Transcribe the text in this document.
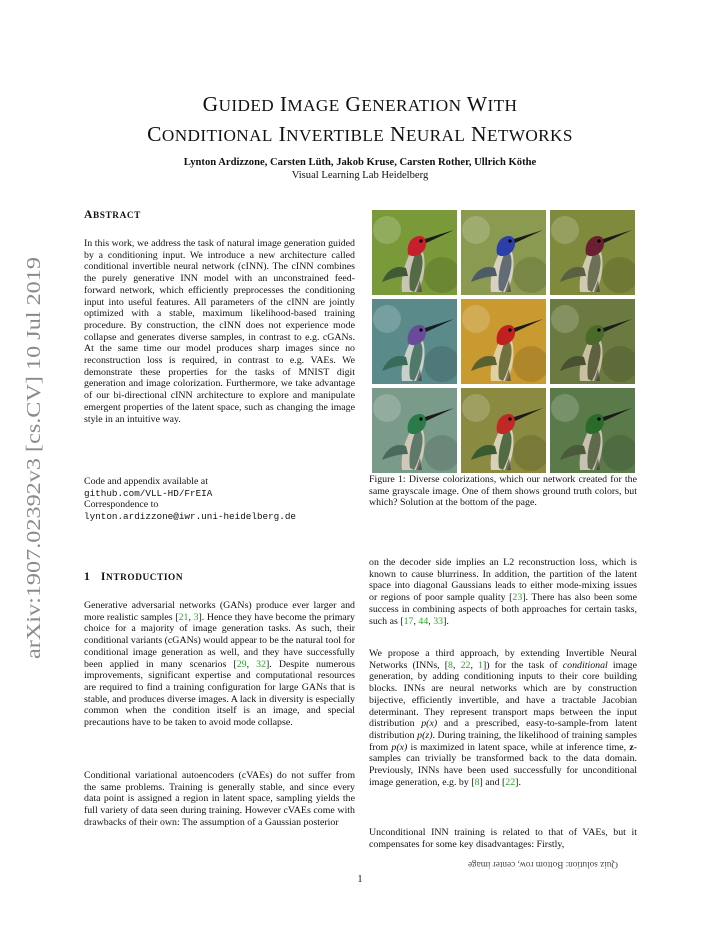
arXiv:1907.02392v3 [cs.CV] 10 Jul 2019
GUIDED IMAGE GENERATION WITH
CONDITIONAL INVERTIBLE NEURAL NETWORKS
Lynton Ardizzone, Carsten Lüth, Jakob Kruse, Carsten Rother, Ullrich Köthe
Visual Learning Lab Heidelberg
ABSTRACT

In this work, we address the task of natural image generation guided by a conditioning input. We introduce a new architecture called conditional invertible neural network (cINN). The cINN combines the purely generative INN model with an unconstrained feed-forward network, which efficiently preprocesses the conditioning input into useful features. All parameters of the cINN are jointly optimized with a stable, maximum likelihood-based training procedure. By construction, the cINN does not experience mode collapse and generates diverse samples, in contrast to e.g. cGANs. At the same time our model produces sharp images since no reconstruction loss is required, in contrast to e.g. VAEs. We demonstrate these properties for the tasks of MNIST digit generation and image colorization. Furthermore, we take advantage of our bi-directional cINN architecture to explore and manipulate emergent properties of the latent space, such as changing the image style in an intuitive way.

Code and appendix available at
github.com/VLL-HD/FrEIA
Correspondence to
lynton.ardizzone@iwr.uni-heidelberg.de
1 INTRODUCTION

Generative adversarial networks (GANs) produce ever larger and more realistic samples [21, 3]. Hence they have become the primary choice for a majority of image generation tasks. As such, their conditional variants (cGANs) would appear to be the natural tool for conditional image generation as well, and they have successfully been applied in many scenarios [29, 32]. Despite numerous improvements, significant expertise and computational resources are required to find a training configuration for large GANs that is stable, and produces diverse images. A lack in diversity is especially common when the condition itself is an image, and special precautions have to be taken to avoid mode collapse.

Conditional variational autoencoders (cVAEs) do not suffer from the same problems. Training is generally stable, and since every data point is assigned a region in latent space, sampling yields the full variety of data seen during training. However cVAEs come with drawbacks of their own: The assumption of a Gaussian posterior

Figure 1: Diverse colorizations, which our network created for the same grayscale image. One of them shows ground truth colors, but which? Solution at the bottom of the page.

on the decoder side implies an L2 reconstruction loss, which is known to cause blurriness. In addition, the partition of the latent space into diagonal Gaussians leads to either mode-mixing issues or regions of poor sample quality [23]. There has also been some success in combining aspects of both approaches for certain tasks, such as [17, 44, 33].

We propose a third approach, by extending Invertible Neural Networks (INNs, [8, 22, 1]) for the task of conditional image generation, by adding conditioning inputs to their core building blocks. INNs are neural networks which are by construction bijective, efficiently invertible, and have a tractable Jacobian determinant. They represent transport maps between the input distribution p(x) and a prescribed, easy-to-sample-from latent distribution p(z). During training, the likelihood of training samples from p(x) is maximized in latent space, while at inference time, z-samples can trivially be transformed back to the data domain. Previously, INNs have been used successfully for unconditional image generation, e.g. by [8] and [22].

Unconditional INN training is related to that of VAEs, but it compensates for some key disadvantages: Firstly,

Quiz solution: Bottom row, center image
1
